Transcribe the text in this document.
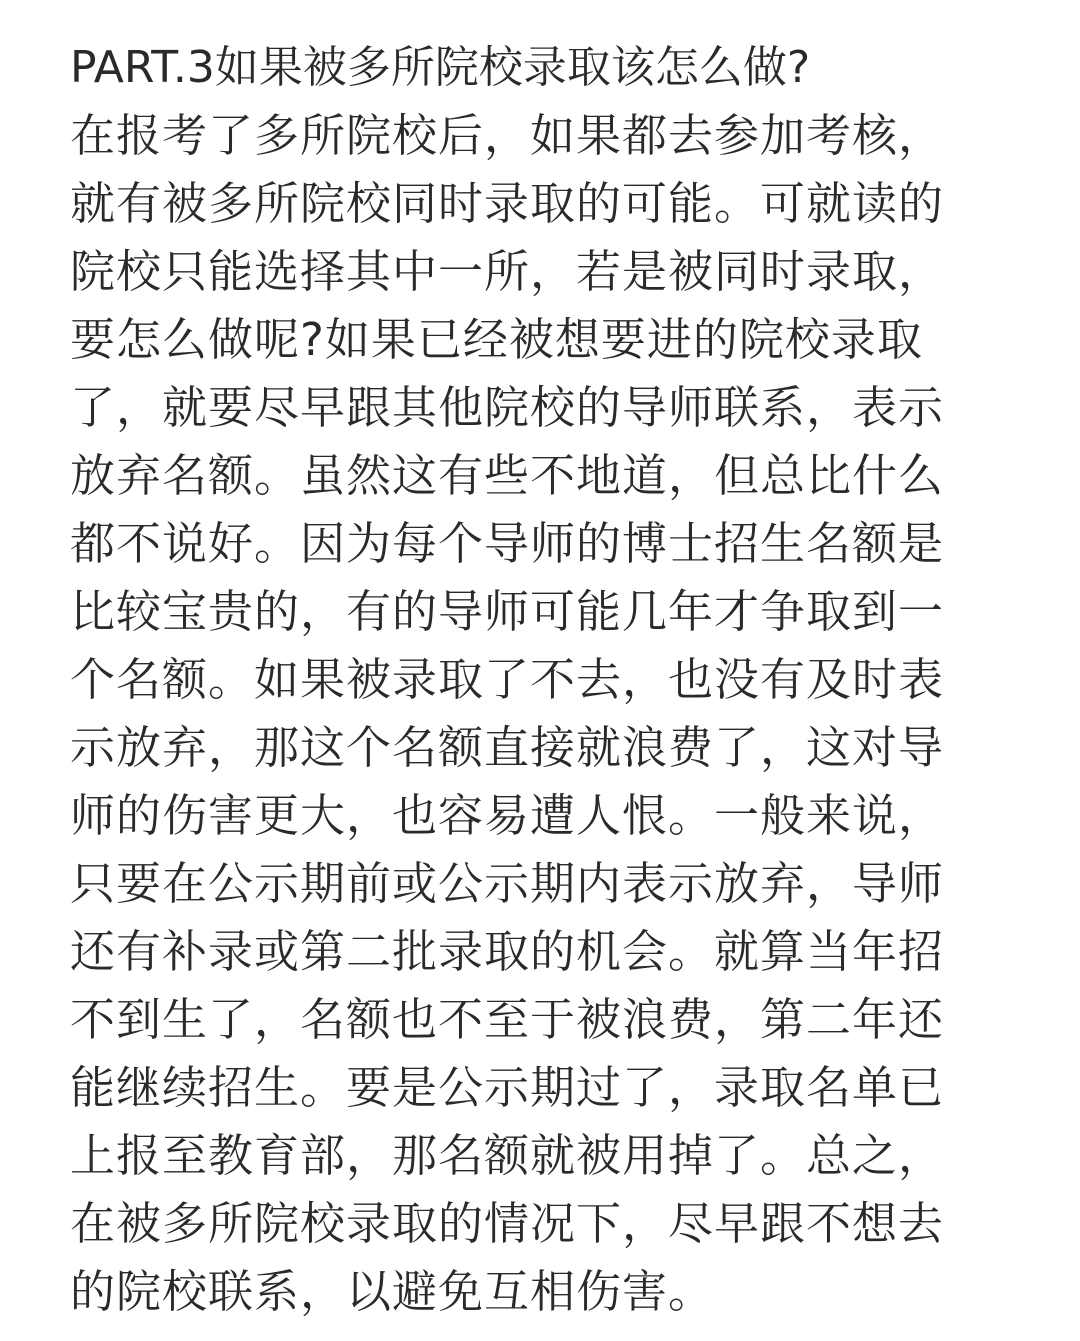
PART.3如果被多所院校录取该怎么做?
在报考了多所院校后，如果都去参加考核，
就有被多所院校同时录取的可能。可就读的
院校只能选择其中一所，若是被同时录取，
要怎么做呢?如果已经被想要进的院校录取
了，就要尽早跟其他院校的导师联系，表示
放弃名额。虽然这有些不地道，但总比什么
都不说好。因为每个导师的博士招生名额是
比较宝贵的，有的导师可能几年才争取到一
个名额。如果被录取了不去，也没有及时表
示放弃，那这个名额直接就浪费了，这对导
师的伤害更大，也容易遭人恨。一般来说，
只要在公示期前或公示期内表示放弃，导师
还有补录或第二批录取的机会。就算当年招
不到生了，名额也不至于被浪费，第二年还
能继续招生。要是公示期过了，录取名单已
上报至教育部，那名额就被用掉了。总之，
在被多所院校录取的情况下，尽早跟不想去
的院校联系，以避免互相伤害。
